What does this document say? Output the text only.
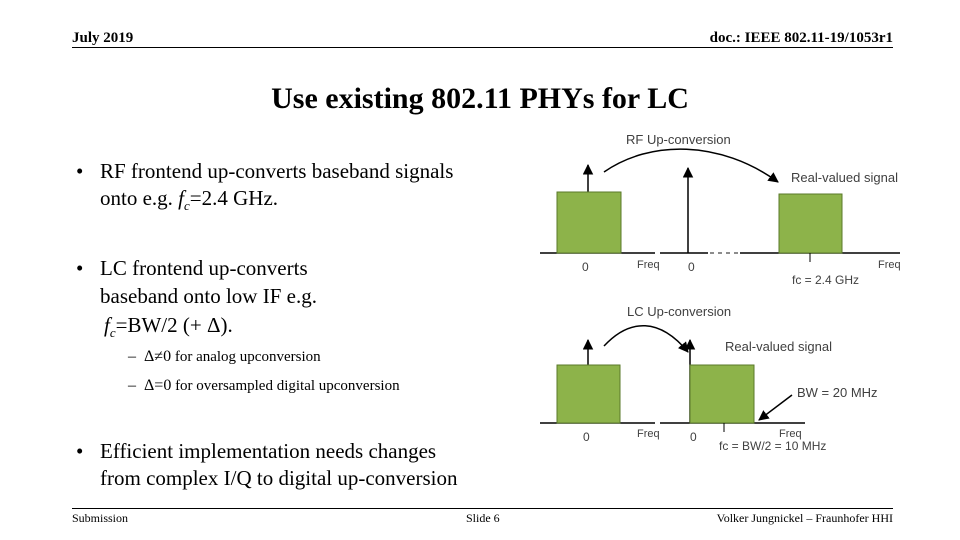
July 2019	doc.: IEEE 802.11-19/1053r1
Use existing 802.11 PHYs for LC
• RF frontend up-converts baseband signals
onto e.g. $f_c=2.4$ GHz.
• LC frontend up-converts
baseband onto low IF e.g.
$f_c=BW/2$ (+ Δ).
– Δ≠0 for analog upconversion
– Δ=0 for oversampled digital upconversion
• Efficient implementation needs changes
from complex I/Q to digital up-conversion
RF Up-conversion
0	Freq 0	Freq
fc = 2.4 GHz
Real-valued signal
LC Up-conversion
0	Freq	0	Freq
fc = BW/2 = 10 MHz
Real-valued signal
BW = 20 MHz
Submission	Slide 6	Volker Jungnickel – Fraunhofer HHI
